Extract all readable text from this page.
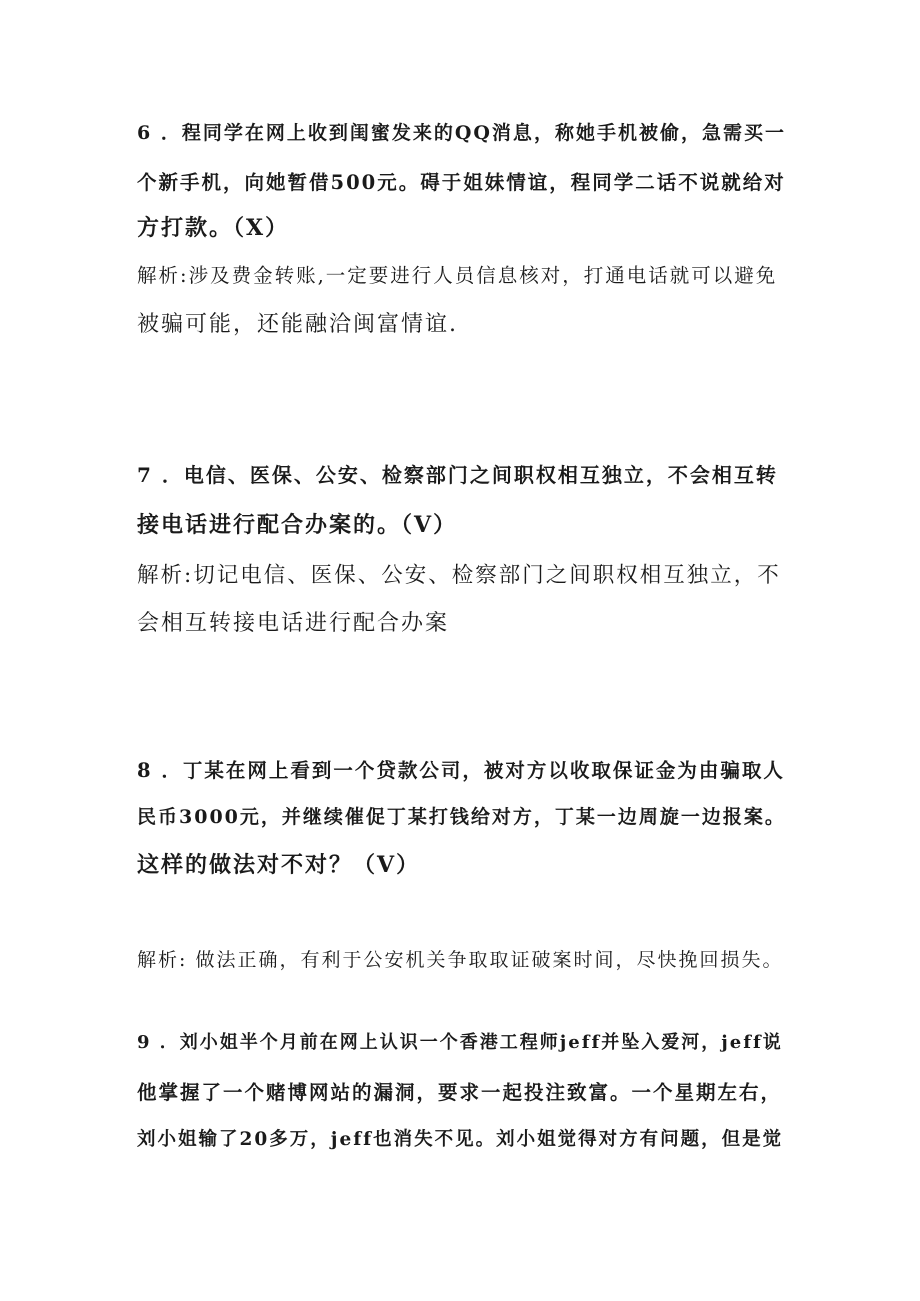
6 ．程同学在网上收到闺蜜发来的QQ消息，称她手机被偷，急需买一
个新手机，向她暂借500元。碍于姐妹情谊，程同学二话不说就给对
方打款。（X）
解析:涉及费金转账,一定要进行人员信息核对，打通电话就可以避免
被骗可能，还能融洽闽富情谊.
7 ．电信、医保、公安、检察部门之间职权相互独立，不会相互转
接电话进行配合办案的。（V）
解析:切记电信、医保、公安、检察部门之间职权相互独立，不
会相互转接电话进行配合办案
8 ．丁某在网上看到一个贷款公司，被对方以收取保证金为由骗取人
民币3000元，并继续催促丁某打钱给对方，丁某一边周旋一边报案。
这样的做法对不对？（V）
解析: 做法正确，有利于公安机关争取取证破案时间，尽快挽回损失。
9 ．刘小姐半个月前在网上认识一个香港工程师jeff并坠入爱河，jeff说
他掌握了一个赌博网站的漏洞，要求一起投注致富。一个星期左右，
刘小姐输了20多万，jeff也消失不见。刘小姐觉得对方有问题，但是觉
